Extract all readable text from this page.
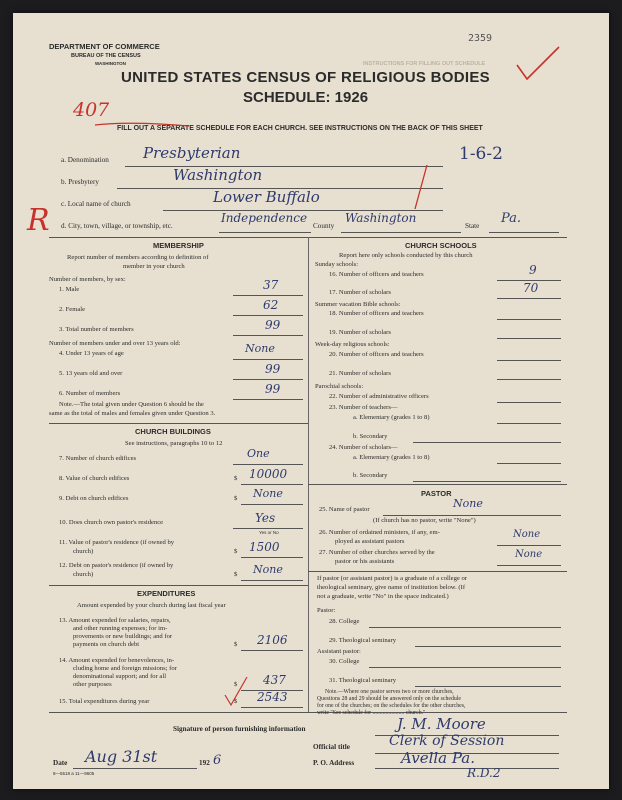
DEPARTMENT OF COMMERCE
BUREAU OF THE CENSUS
WASHINGTON
2359
INSTRUCTIONS FOR FILLING OUT SCHEDULE
UNITED STATES CENSUS OF RELIGIOUS BODIES
SCHEDULE: 1926
407
FILL OUT A SEPARATE SCHEDULE FOR EACH CHURCH. SEE INSTRUCTIONS ON THE BACK OF THIS SHEET
a. Denomination Presbyterian	1-6-2
b. Presbytery	Washington
c. Local name of church	Lower Buffalo
R d. City, town, village, or township, etc.
Independence
County
Washington
State Pa.
MEMBERSHIP
Report number of members according to definition of
member in your church
Number of members, by sex:
1. Male	37
2. Female	62
3. Total number of members	99
Number of members under and over 13 years old:
4. Under 13 years of age	None
5. 13 years old and over	99
6. Number of members	99
Note.—The total given under Question 6 should be the
same as the total of males and females given under Question 3.
CHURCH BUILDINGS
See instructions, paragraphs 10 to 12
7. Number of church edifices	One
8. Value of church edifices	$ 10000
9. Debt on church edifices	$ None
10. Does church own pastor's residence	Yes
Yes or No
11. Value of pastor's residence (if owned by
church)	$ 1500
12. Debt on pastor's residence (if owned by
church)	$ None
EXPENDITURES
Amount expended by your church during last fiscal year
13. Amount expended for salaries, repairs,
and other running expenses; for im-
provements or new buildings; and for
payments on church debt	$ 2106
14. Amount expended for benevolences, in-
cluding home and foreign missions; for
denominational support; and for all
other purposes	$ 437
15. Total expenditures during year	$ 2543
CHURCH SCHOOLS
Report here only schools conducted by this church
Sunday schools:
16. Number of officers and teachers	9
17. Number of scholars	70
Summer vacation Bible schools:
18. Number of officers and teachers
19. Number of scholars
Week-day religious schools:
20. Number of officers and teachers
21. Number of scholars
Parochial schools:
22. Number of administrative officers
23. Number of teachers—
a. Elementary (grades 1 to 8)
b. Secondary
24. Number of scholars—
a. Elementary (grades 1 to 8)
b. Secondary
PASTOR
25. Name of pastor	None
(If church has no pastor, write "None")
26. Number of ordained ministers, if any, em-
ployed as assistant pastors
None
27. Number of other churches served by the
pastor or his assistants
None
If pastor (or assistant pastor) is a graduate of a college or
theological seminary, give name of institution below. (If
not a graduate, write "No" in the space indicated.)
Pastor:
28. College
29. Theological seminary
Assistant pastor:
30. College
31. Theological seminary
Note.—Where one pastor serves two or more churches,
Questions 28 and 29 should be answered only on the schedule
for one of the churches; on the schedules for the other churches,
write "See schedule for ...................... church."
Signature of person furnishing information	J. M. Moore
Official title	Clerk of Session
Date Aug 31st	192 6
8—5518 a 11—9605
P. O. Address	Avella Pa.
R.D.2
